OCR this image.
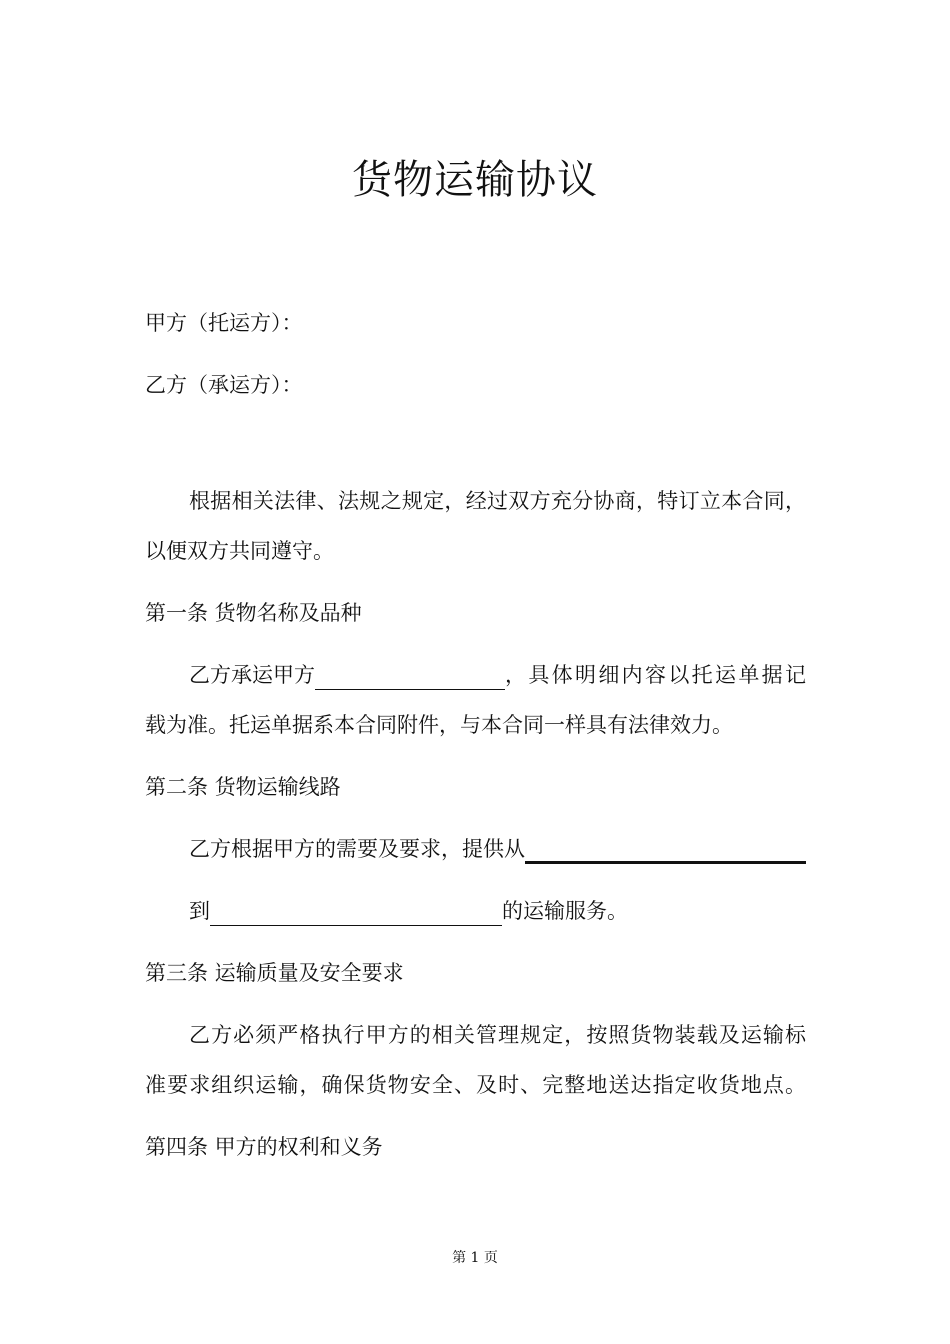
货物运输协议
甲方（托运方）：
乙方（承运方）：
根据相关法律、法规之规定，经过双方充分协商，特订立本合同，
以便双方共同遵守。
第一条 货物名称及品种
乙方承运甲方	，具体明细内容以托运单据记
载为准。托运单据系本合同附件，与本合同一样具有法律效力。
第二条 货物运输线路
乙方根据甲方的需要及要求，提供从
到	的运输服务。
第三条 运输质量及安全要求
乙方必须严格执行甲方的相关管理规定，按照货物装载及运输标
准要求组织运输，确保货物安全、及时、完整地送达指定收货地点。
第四条 甲方的权利和义务
第 1 页
